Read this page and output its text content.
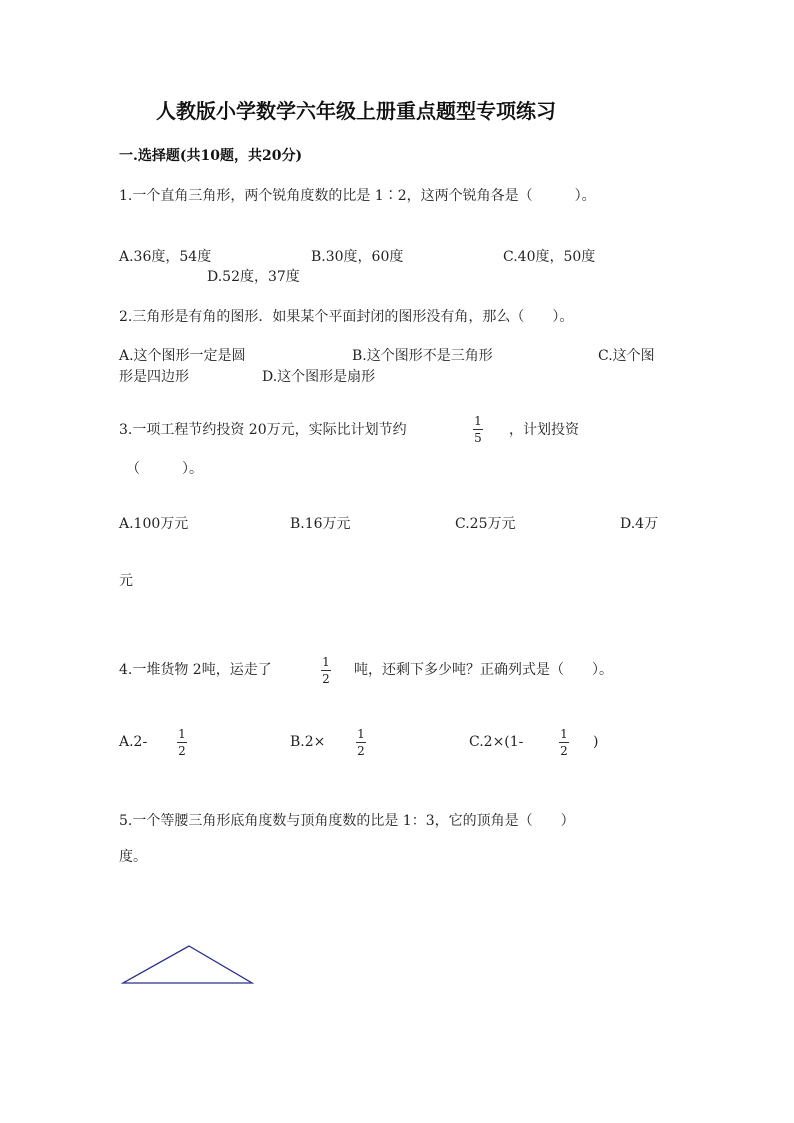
人教版小学数学六年级上册重点题型专项练习
一.选择题(共10题，共20分)
1.一个直角三角形，两个锐角度数的比是 1∶2，这两个锐角各是（　　　）。
A.36度，54度	B.30度，60度	C.40度，50度
D.52度，37度
2.三角形是有角的图形．如果某个平面封闭的图形没有角，那么（　　）。
A.这个图形一定是圆	B.这个图形不是三角形	C.这个图
形是四边形	D.这个图形是扇形
3.一项工程节约投资 20万元，实际比计划节约
1
5 ，计划投资
（　　　）。
A.100万元	B.16万元	C.25万元	D.4万
元
4.一堆货物 2吨，运走了	1
2
吨，还剩下多少吨？正确列式是（　　）。
A.2-	1
2
B.2×	1
2
C.2×(1-	1
2
)
5.一个等腰三角形底角度数与顶角度数的比是 1：3，它的顶角是（　　）
度。
